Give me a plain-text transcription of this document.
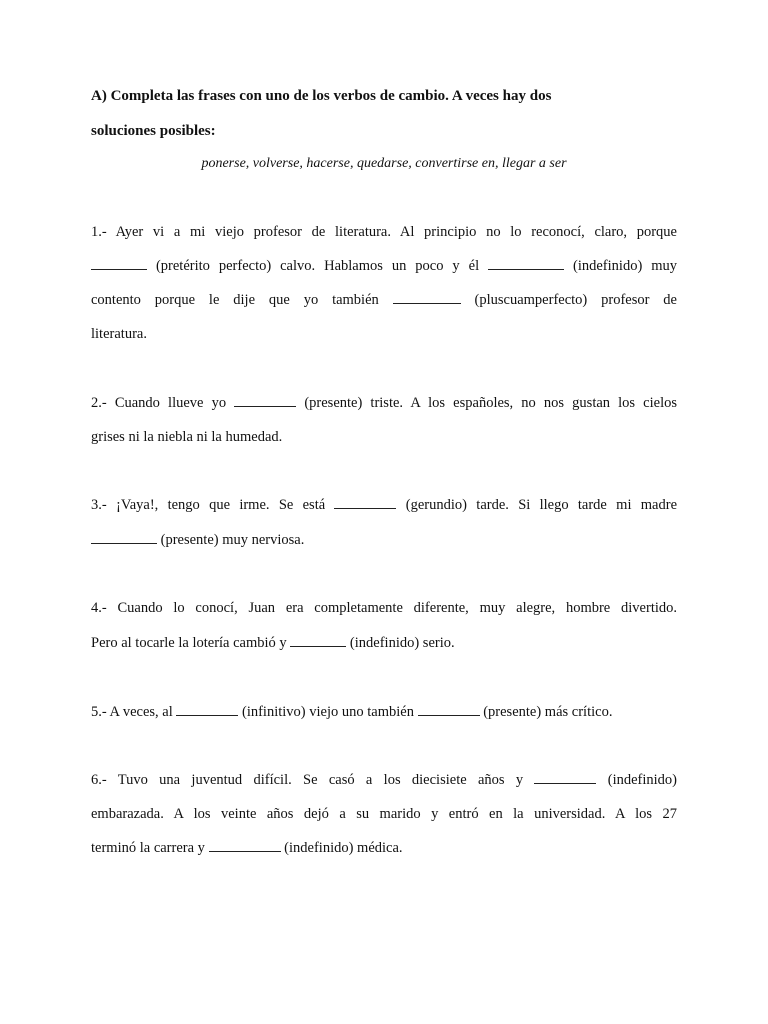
A) Completa las frases con uno de los verbos de cambio. A veces hay dos
soluciones posibles:
ponerse, volverse, hacerse, quedarse, convertirse en, llegar a ser
1.- Ayer vi a mi viejo profesor de literatura. Al principio no lo reconocí, claro, porque
(pretérito perfecto) calvo. Hablamos un poco y él	(indefinido) muy
contento porque le dije que yo también	(pluscuamperfecto) profesor de
literatura.
2.- Cuando llueve yo	(presente) triste. A los españoles, no nos gustan los cielos
grises ni la niebla ni la humedad.
3.- ¡Vaya!, tengo que irme. Se está	(gerundio) tarde. Si llego tarde mi madre
(presente) muy nerviosa.
4.- Cuando lo conocí, Juan era completamente diferente, muy alegre, hombre divertido.
Pero al tocarle la lotería cambió y	(indefinido) serio.
5.- A veces, al	(infinitivo) viejo uno también	(presente) más crítico.
6.- Tuvo una juventud difícil. Se casó a los diecisiete años y	(indefinido)
embarazada. A los veinte años dejó a su marido y entró en la universidad. A los 27
terminó la carrera y	(indefinido) médica.
